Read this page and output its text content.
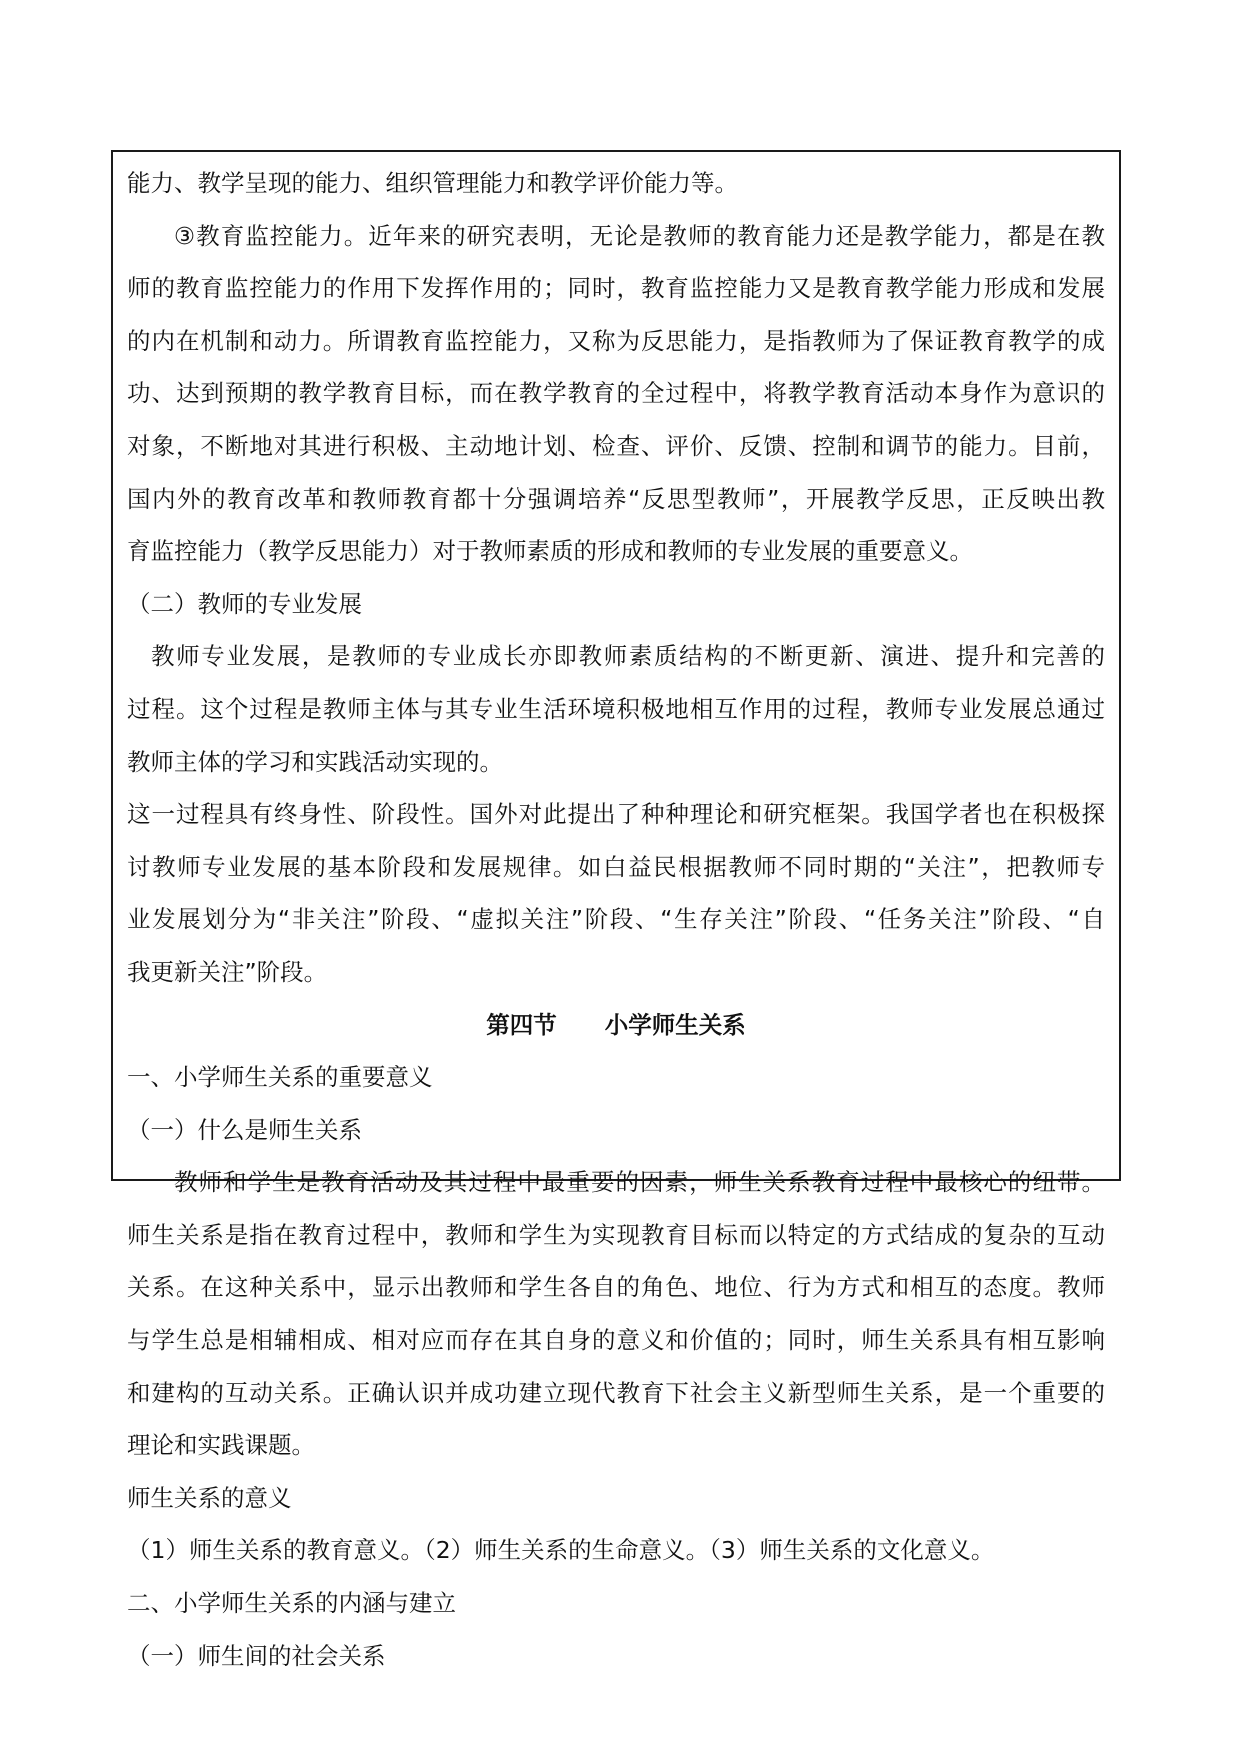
能力、教学呈现的能力、组织管理能力和教学评价能力等。

③教育监控能力。近年来的研究表明，无论是教师的教育能力还是教学能力，都是在教

师的教育监控能力的作用下发挥作用的；同时，教育监控能力又是教育教学能力形成和发展

的内在机制和动力。所谓教育监控能力，又称为反思能力，是指教师为了保证教育教学的成

功、达到预期的教学教育目标，而在教学教育的全过程中，将教学教育活动本身作为意识的

对象，不断地对其进行积极、主动地计划、检查、评价、反馈、控制和调节的能力。目前，

国内外的教育改革和教师教育都十分强调培养“反思型教师”，开展教学反思，正反映出教

育监控能力（教学反思能力）对于教师素质的形成和教师的专业发展的重要意义。

（二）教师的专业发展

教师专业发展，是教师的专业成长亦即教师素质结构的不断更新、演进、提升和完善的

过程。这个过程是教师主体与其专业生活环境积极地相互作用的过程，教师专业发展总通过

教师主体的学习和实践活动实现的。

这一过程具有终身性、阶段性。国外对此提出了种种理论和研究框架。我国学者也在积极探

讨教师专业发展的基本阶段和发展规律。如白益民根据教师不同时期的“关注”，把教师专

业发展划分为“非关注”阶段、“虚拟关注”阶段、“生存关注”阶段、“任务关注”阶段、“自

我更新关注”阶段。

第四节 小学师生关系

一、小学师生关系的重要意义

（一）什么是师生关系

教师和学生是教育活动及其过程中最重要的因素，师生关系教育过程中最核心的纽带。

师生关系是指在教育过程中，教师和学生为实现教育目标而以特定的方式结成的复杂的互动

关系。在这种关系中，显示出教师和学生各自的角色、地位、行为方式和相互的态度。教师

与学生总是相辅相成、相对应而存在其自身的意义和价值的；同时，师生关系具有相互影响

和建构的互动关系。正确认识并成功建立现代教育下社会主义新型师生关系，是一个重要的

理论和实践课题。

师生关系的意义

（1）师生关系的教育意义。（2）师生关系的生命意义。（3）师生关系的文化意义。

二、小学师生关系的内涵与建立

（一）师生间的社会关系
